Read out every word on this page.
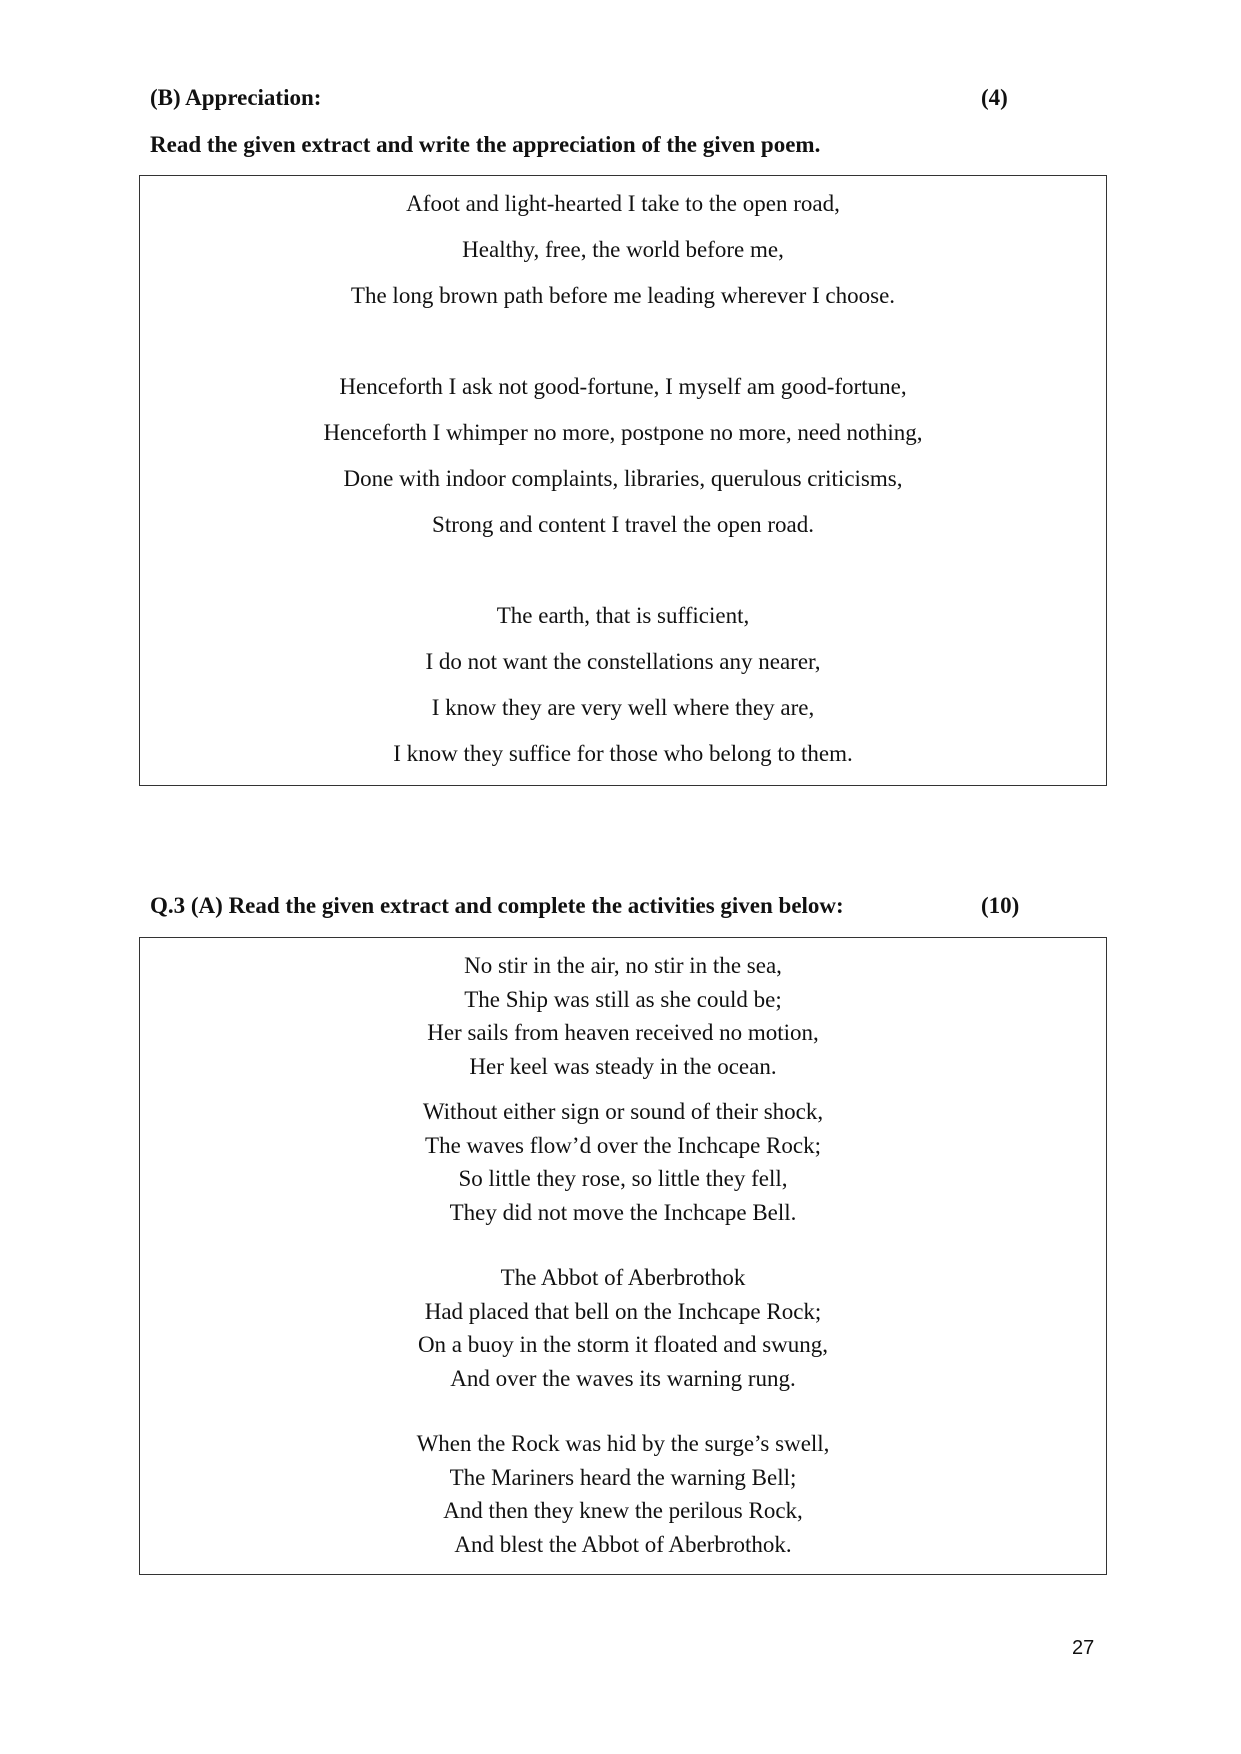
(B) Appreciation:	(4)
Read the given extract and write the appreciation of the given poem.
Afoot and light-hearted I take to the open road,
Healthy, free, the world before me,
The long brown path before me leading wherever I choose.
Henceforth I ask not good-fortune, I myself am good-fortune,
Henceforth I whimper no more, postpone no more, need nothing,
Done with indoor complaints, libraries, querulous criticisms,
Strong and content I travel the open road.
The earth, that is sufficient,
I do not want the constellations any nearer,
I know they are very well where they are,
I know they suffice for those who belong to them.
Q.3 (A) Read the given extract and complete the activities given below:	(10)
No stir in the air, no stir in the sea,
The Ship was still as she could be;
Her sails from heaven received no motion,
Her keel was steady in the ocean.
Without either sign or sound of their shock,
The waves flow’d over the Inchcape Rock;
So little they rose, so little they fell,
They did not move the Inchcape Bell.
The Abbot of Aberbrothok
Had placed that bell on the Inchcape Rock;
On a buoy in the storm it floated and swung,
And over the waves its warning rung.
When the Rock was hid by the surge’s swell,
The Mariners heard the warning Bell;
And then they knew the perilous Rock,
And blest the Abbot of Aberbrothok.
27
